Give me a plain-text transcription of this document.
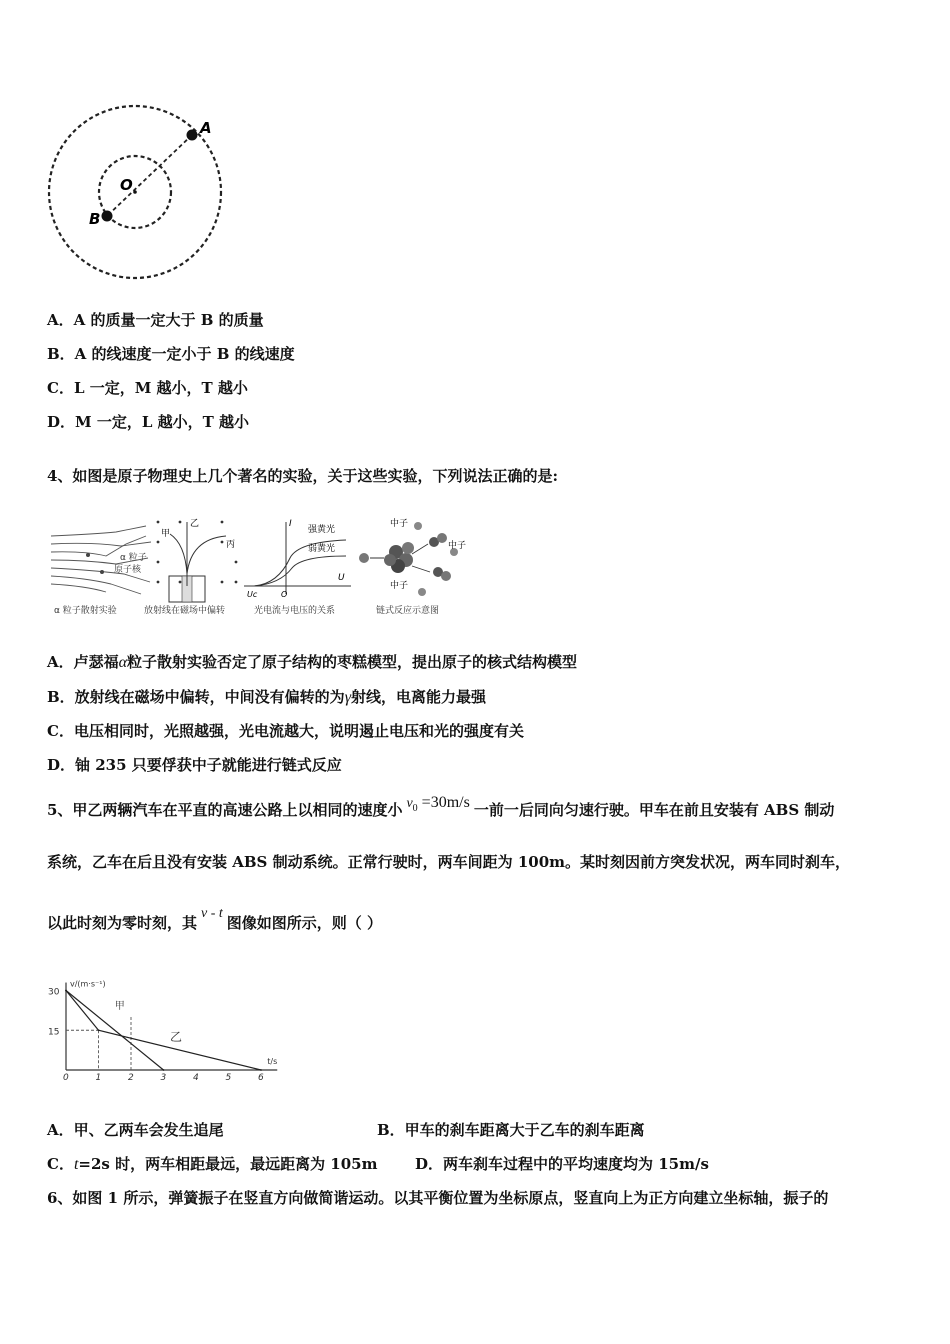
A
B
O
A．A 的质量一定大于 B 的质量
B．A 的线速度一定小于 B 的线速度
C．L 一定，M 越小，T 越小
D．M 一定，L 越小，T 越小
4、如图是原子物理史上几个著名的实验，关于这些实验，下列说法正确的是:
α 粒子
原子核
α 粒子散射实验
甲
乙
丙
放射线在磁场中偏转
I
U
Uc	O
强黄光
弱黄光
光电流与电压的关系
中子
中子
中子
链式反应示意图
A．卢瑟福α粒子散射实验否定了原子结构的枣糕模型，提出原子的核式结构模型
B．放射线在磁场中偏转，中间没有偏转的为γ射线，电离能力最强
C．电压相同时，光照越强，光电流越大，说明遏止电压和光的强度有关
D．铀 235 只要俘获中子就能进行链式反应
5、甲乙两辆汽车在平直的高速公路上以相同的速度小 $v^0 =30m/s$ 一前一后同向匀速行驶。甲车在前且安装有 ABS 制动
系统，乙车在后且没有安装 ABS 制动系统。正常行驶时，两车间距为 100m。某时刻因前方突发状况，两车同时刹车，
以此时刻为零时刻，其v - t图像如图所示，则（ ）
v/(m·s⁻¹)
t/s
0	1	2	3	4	5	6
15
30
甲
乙
A．甲、乙两车会发生追尾	B．甲车的刹车距离大于乙车的刹车距离
C．t=2s 时，两车相距最远，最远距离为 105m	D．两车刹车过程中的平均速度均为 15m/s
6、如图 1 所示，弹簧振子在竖直方向做简谐运动。以其平衡位置为坐标原点，竖直向上为正方向建立坐标轴，振子的
